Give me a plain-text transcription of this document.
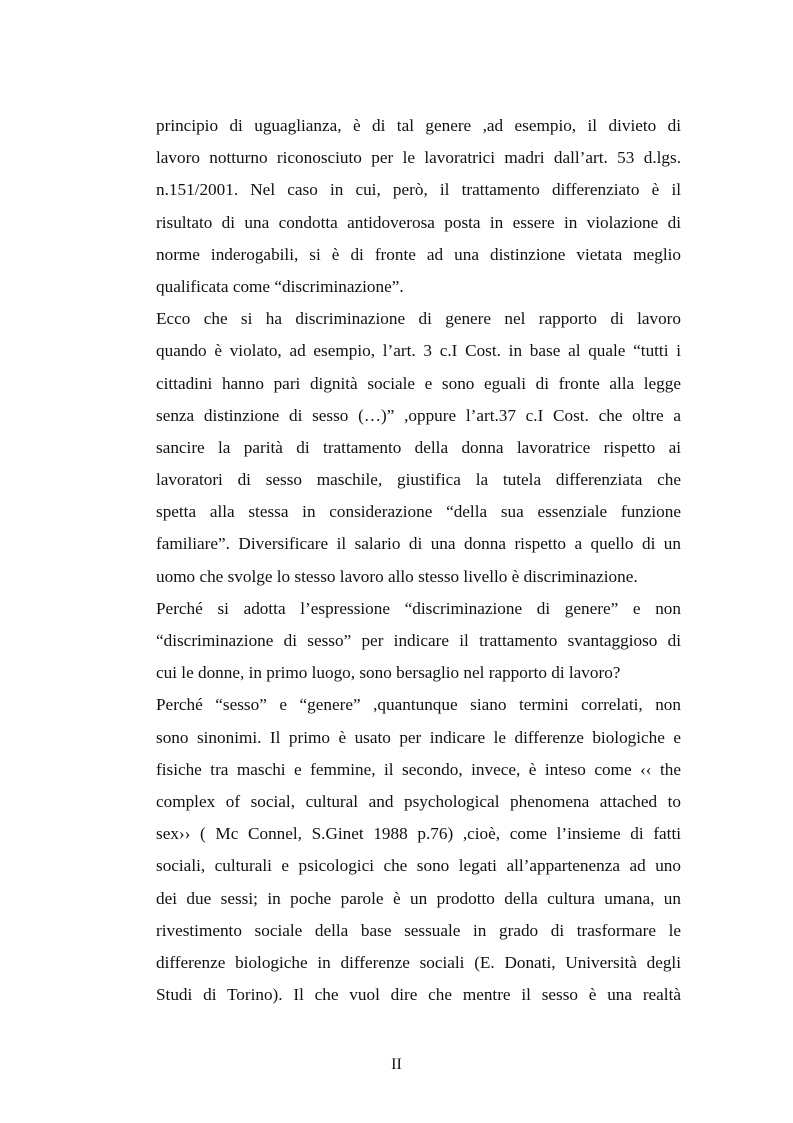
principio di uguaglianza, è di tal genere ,ad esempio, il divieto di
lavoro notturno riconosciuto per le lavoratrici madri dall’art. 53 d.lgs.
n.151/2001. Nel caso in cui, però, il trattamento differenziato è il
risultato di una condotta antidoverosa posta in essere in violazione di
norme inderogabili, si è di fronte ad una distinzione vietata meglio
qualificata come “discriminazione”.
Ecco che si ha discriminazione di genere nel rapporto di lavoro
quando è violato, ad esempio, l’art. 3 c.I Cost. in base al quale “tutti i
cittadini hanno pari dignità sociale e sono eguali di fronte alla legge
senza distinzione di sesso (…)” ,oppure l’art.37 c.I Cost. che oltre a
sancire la parità di trattamento della donna lavoratrice rispetto ai
lavoratori di sesso maschile, giustifica la tutela differenziata che
spetta alla stessa in considerazione “della sua essenziale funzione
familiare”. Diversificare il salario di una donna rispetto a quello di un
uomo che svolge lo stesso lavoro allo stesso livello è discriminazione.
Perché si adotta l’espressione “discriminazione di genere” e non
“discriminazione di sesso” per indicare il trattamento svantaggioso di
cui le donne, in primo luogo, sono bersaglio nel rapporto di lavoro?
Perché “sesso” e “genere” ,quantunque siano termini correlati, non
sono sinonimi. Il primo è usato per indicare le differenze biologiche e
fisiche tra maschi e femmine, il secondo, invece, è inteso come ‹‹ the
complex of social, cultural and psychological phenomena attached to
sex›› ( Mc Connel, S.Ginet 1988 p.76) ,cioè, come l’insieme di fatti
sociali, culturali e psicologici che sono legati all’appartenenza ad uno
dei due sessi; in poche parole è un prodotto della cultura umana, un
rivestimento sociale della base sessuale in grado di trasformare le
differenze biologiche in differenze sociali (E. Donati, Università degli
Studi di Torino). Il che vuol dire che mentre il sesso è una realtà
II
